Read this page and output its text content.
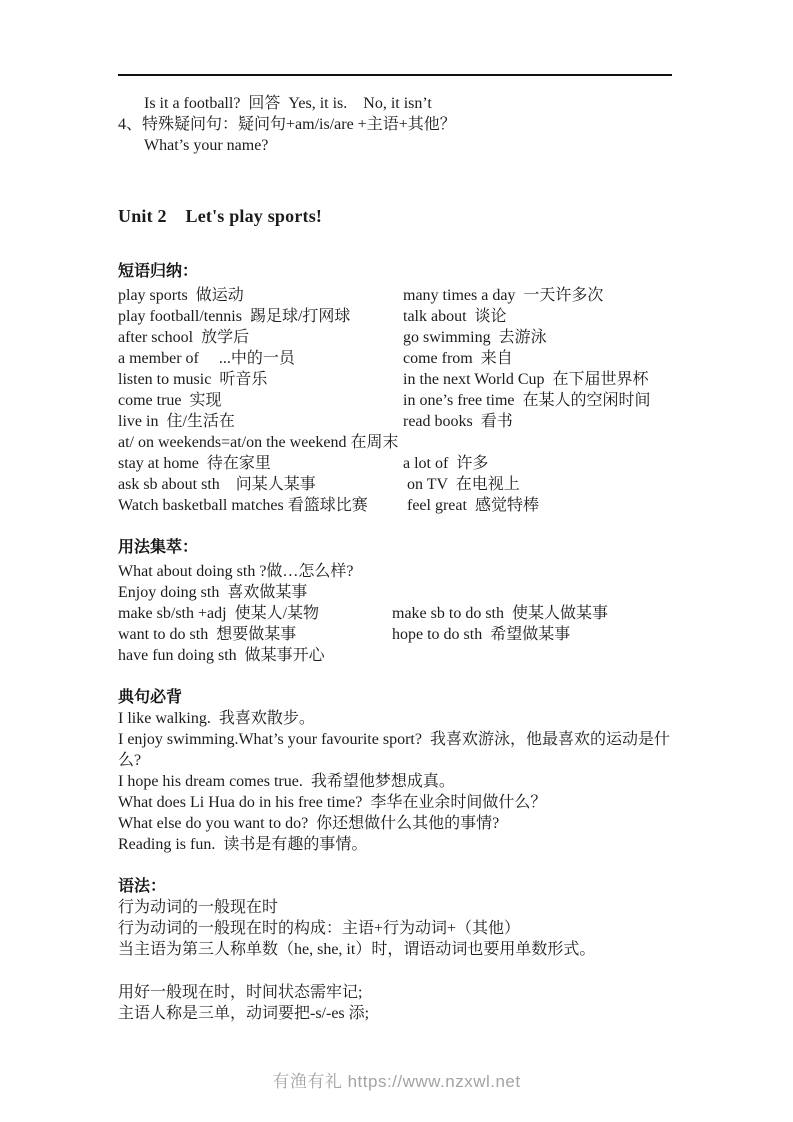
Is it a football?  回答  Yes, it is.    No, it isn’t
4、特殊疑问句：疑问句+am/is/are +主语+其他？
What’s your name?
Unit 2    Let's play sports!
短语归纳：
play sports  做运动	many times a day  一天许多次
play football/tennis  踢足球/打网球	talk about  谈论
after school  放学后	go swimming  去游泳
a member of     ...中的一员	come from  来自
listen to music  听音乐	in the next World Cup  在下届世界杯
come true  实现	in one’s free time  在某人的空闲时间
live in  住/生活在	read books  看书
at/ on weekends=at/on the weekend 在周末
stay at home  待在家里	a lot of  许多
ask sb about sth    问某人某事	on TV  在电视上
Watch basketball matches 看篮球比赛	feel great  感觉特棒
用法集萃：
What about doing sth ?做…怎么样?
Enjoy doing sth  喜欢做某事
make sb/sth +adj  使某人/某物	make sb to do sth  使某人做某事
want to do sth  想要做某事	hope to do sth  希望做某事
have fun doing sth  做某事开心
典句必背
I like walking.  我喜欢散步。
I enjoy swimming.What’s your favourite sport?  我喜欢游泳，他最喜欢的运动是什么?
I hope his dream comes true.  我希望他梦想成真。
What does Li Hua do in his free time?  李华在业余时间做什么？
What else do you want to do?  你还想做什么其他的事情?
Reading is fun.  读书是有趣的事情。
语法：
行为动词的一般现在时
行为动词的一般现在时的构成：主语+行为动词+（其他）
当主语为第三人称单数（he, she, it）时，谓语动词也要用单数形式。
用好一般现在时，时间状态需牢记;
主语人称是三单，动词要把-s/-es 添;
有渔有礼 https://www.nzxwl.net
